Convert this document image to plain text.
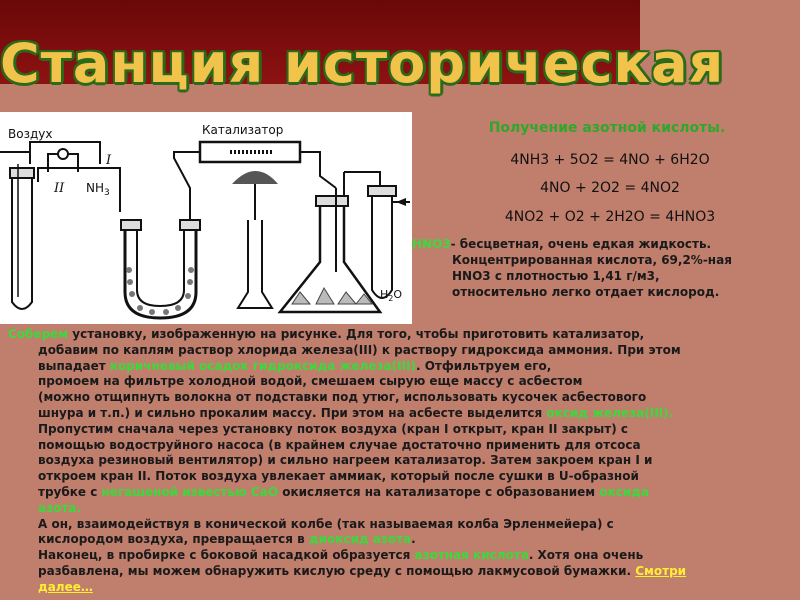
Станция историческая
Воздух
I
II $NH_3$
Катализатор
$H_2O$
Получение азотной кислоты.
4NH3 + 5O2 = 4NO + 6H2O
4NO + 2O2 = 4NO2
4NO2 + O2 + 2H2O = 4HNO3
HNO3- бесцветная, очень едкая жидкость.
Концентрированная кислота, 69,2%-ная
HNO3 с плотностью 1,41 г/м3,
относительно легко отдает кислород.
Соберем установку, изображенную на рисунке. Для того, чтобы приготовить катализатор,
добавим по каплям раствор хлорида железа(III) к раствору гидроксида аммония. При этом
выпадает коричневый осадок гидроксида железа(III). Отфильтруем его,
промоем на фильтре холодной водой, смешаем сырую еще массу с асбестом
(можно отщипнуть волокна от подставки под утюг, использовать кусочек асбестового
шнура и т.п.) и сильно прокалим массу. При этом на асбесте выделится оксид железа(III).
Пропустим сначала через установку поток воздуха (кран I открыт, кран II закрыт) с
помощью водоструйного насоса (в крайнем случае достаточно применить для отсоса
воздуха резиновый вентилятор) и сильно нагреем катализатор. Затем закроем кран I и
откроем кран II. Поток воздуха увлекает аммиак, который после сушки в U-образной
трубке с негашеной известью CaO окисляется на катализаторе с образованием оксида
азота.
А он, взаимодействуя в конической колбе (так называемая колба Эрленмейера) с
кислородом воздуха, превращается в диоксид азота.
Наконец, в пробирке с боковой насадкой образуется азотная кислота. Хотя она очень
разбавлена, мы можем обнаружить кислую среду с помощью лакмусовой бумажки. Смотри
далее…
